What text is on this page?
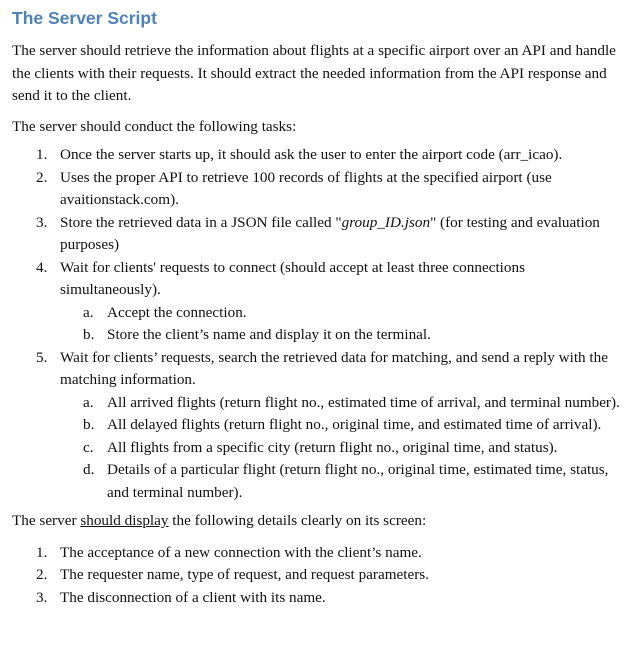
The Server Script

The server should retrieve the information about flights at a specific airport over an API and handle the clients with their requests. It should extract the needed information from the API response and send it to the client.

The server should conduct the following tasks:

1. Once the server starts up, it should ask the user to enter the airport code (arr_icao).
2. Uses the proper API to retrieve 100 records of flights at the specified airport (use avaitionstack.com).
3. Store the retrieved data in a JSON file called "group_ID.json" (for testing and evaluation purposes)
4. Wait for clients' requests to connect (should accept at least three connections simultaneously).
a. Accept the connection.
b. Store the client’s name and display it on the terminal.
5. Wait for clients’ requests, search the retrieved data for matching, and send a reply with the matching information.
a. All arrived flights (return flight no., estimated time of arrival, and terminal number).
b. All delayed flights (return flight no., original time, and estimated time of arrival).
c. All flights from a specific city (return flight no., original time, and status).
d. Details of a particular flight (return flight no., original time, estimated time, status, and terminal number).

The server should display the following details clearly on its screen:

1. The acceptance of a new connection with the client’s name.
2. The requester name, type of request, and request parameters.
3. The disconnection of a client with its name.
